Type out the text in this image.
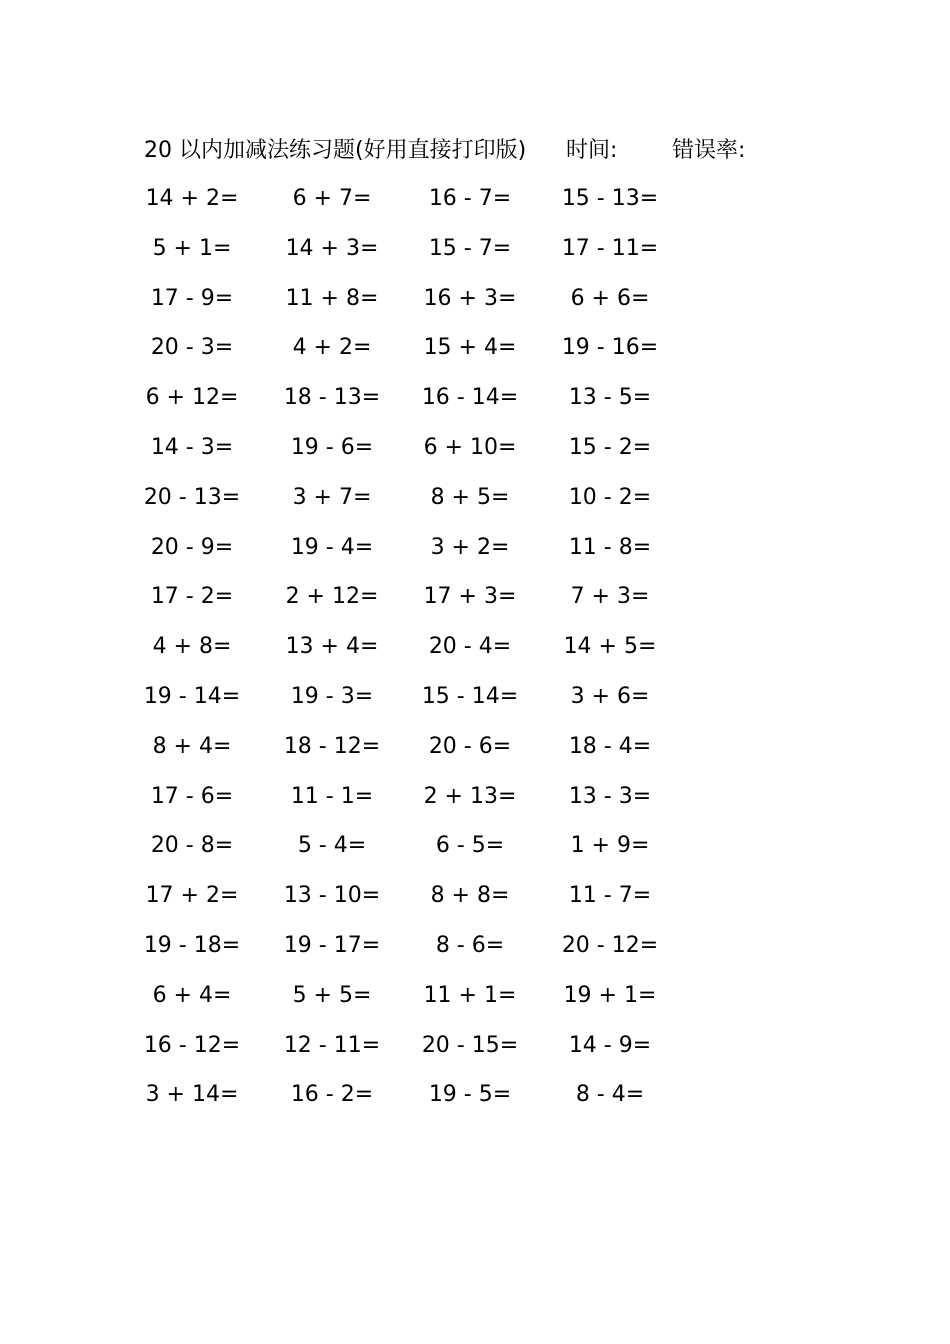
20 以内加减法练习题(好用直接打印版) 时间: 错误率:
14 + 2=	6 + 7=	16 - 7=	15 - 13=
5 + 1=	14 + 3=	15 - 7=	17 - 11=
17 - 9=	11 + 8=	16 + 3=	6 + 6=
20 - 3=	4 + 2=	15 + 4=	19 - 16=
6 + 12=	18 - 13=	16 - 14=	13 - 5=
14 - 3=	19 - 6=	6 + 10=	15 - 2=
20 - 13=	3 + 7=	8 + 5=	10 - 2=
20 - 9=	19 - 4=	3 + 2=	11 - 8=
17 - 2=	2 + 12=	17 + 3=	7 + 3=
4 + 8=	13 + 4=	20 - 4=	14 + 5=
19 - 14=	19 - 3=	15 - 14=	3 + 6=
8 + 4=	18 - 12=	20 - 6=	18 - 4=
17 - 6=	11 - 1=	2 + 13=	13 - 3=
20 - 8=	5 - 4=	6 - 5=	1 + 9=
17 + 2=	13 - 10=	8 + 8=	11 - 7=
19 - 18=	19 - 17=	8 - 6=	20 - 12=
6 + 4=	5 + 5=	11 + 1=	19 + 1=
16 - 12=	12 - 11=	20 - 15=	14 - 9=
3 + 14=	16 - 2=	19 - 5=	8 - 4=
